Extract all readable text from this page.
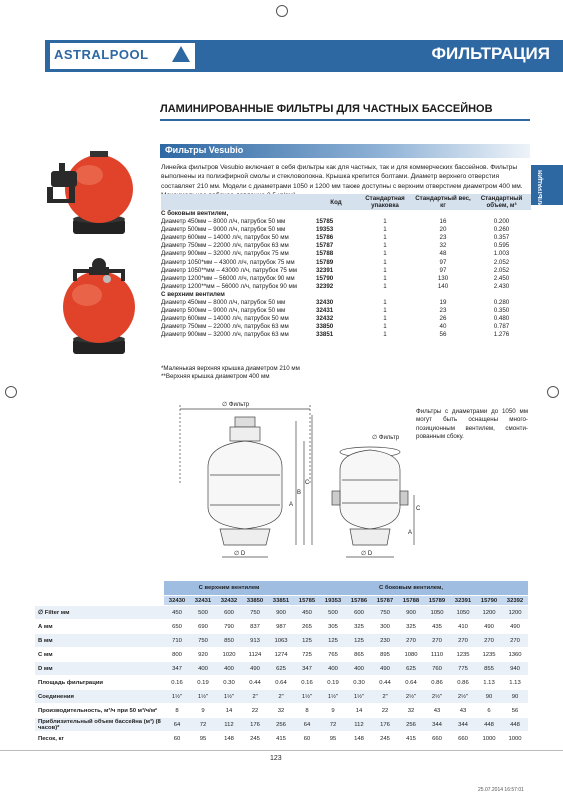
ASTRALPOOL	ФИЛЬТРАЦИЯ
ЛАМИНИРОВАННЫЕ ФИЛЬТРЫ ДЛЯ ЧАСТНЫХ БАССЕЙНОВ
Фильтры Vesubio
ФИЛЬТРАЦИЯ
Линейка фильтров Vesubio включает в себя фильтры как для частных, так и для коммерческих бассейнов. Фильтры выполнены из полиэфирной смолы и стекловолокна. Крышка крепится болтами. Диаметр верхнего отверстия составляет 210 мм. Модели с диаметрами 1050 и 1200 мм также доступны с верхним отверстием диаметром 400 мм.
	Код	Стандартная упаковка	Стандартный вес, кг	Стандартный объем, м³
С боковым вентилем,				
Диаметр 450мм – 8000 л/ч, патрубок 50 мм	15785	1	16	0.200
Диаметр 500мм – 9000 л/ч, патрубок 50 мм	19353	1	20	0.260
Диаметр 600мм – 14000 л/ч, патрубок 50 мм	15786	1	23	0.357
Диаметр 750мм – 22000 л/ч, патрубок 63 мм	15787	1	32	0.595
Диаметр 900мм – 32000 л/ч, патрубок 75 мм	15788	1	48	1.003
Диаметр 1050*мм – 43000 л/ч, патрубок 75 мм	15789	1	97	2.052
Диаметр 1050**мм – 43000 л/ч, патрубок 75 мм	32391	1	97	2.052
Диаметр 1200*мм – 56000 л/ч, патрубок 90 мм	15790	1	130	2.450
Диаметр 1200**мм – 56000 л/ч, патрубок 90 мм	32392	1	140	2.430
С верхним вентилем				
Диаметр 450мм – 8000 л/ч, патрубок 50 мм	32430	1	19	0.280
Диаметр 500мм – 9000 л/ч, патрубок 50 мм	32431	1	23	0.350
Диаметр 600мм – 14000 л/ч, патрубок 50 мм	32432	1	26	0.480
Диаметр 750мм – 22000 л/ч, патрубок 63 мм	33850	1	40	0.787
Диаметр 900мм – 32000 л/ч, патрубок 63 мм	33851	1	56	1.276
*Маленькая верхняя крышка диаметром 210 мм
**Верхняя крышка диаметром 400 мм
∅ Фильтр
∅ Фильтр
∅ D	∅ D
A
B
C
A
C
Фильтры с диаметрами до 1050 мм могут быть оснащены много-позиционным вентилем, смонти-рованным сбоку.
	С верхним вентилем					С боковым вентилем,								
	32430	32431	32432	33850	33851	15785	19353	15786	15787	15788	15789	32391	15790	32392
∅ Filter мм	450	500	600	750	900	450	500	600	750	900	1050	1050	1200	1200
А мм	650	690	790	837	987	265	305	325	300	325	435	410	490	490
В мм	710	750	850	913	1063	125	125	125	230	270	270	270	270	270
С мм	800	920	1020	1124	1274	725	765	865	895	1080	1110	1235	1235	1360
D мм	347	400	400	490	625	347	400	400	490	625	760	775	855	940
Площадь фильтрации	0.16	0.19	0.30	0.44	0.64	0.16	0.19	0.30	0.44	0.64	0.86	0.86	1.13	1.13
Соединения	1½"	1½"	1½"	2"	2"	1½"	1½"	1½"	2"	2½"	2½"	2½"	90	90
Производительность, м³/ч при 50 м³/ч/м²	8	9	14	22	32	8	9	14	22	32	43	43	6	56
Приблизительный объем бассейна (м³) (8 часов)*	64	72	112	176	256	64	72	112	176	256	344	344	448	448
Песок, кг	60	95	148	245	415	60	95	148	245	415	660	660	1000	1000
123
25.07.2014 16:57:01
